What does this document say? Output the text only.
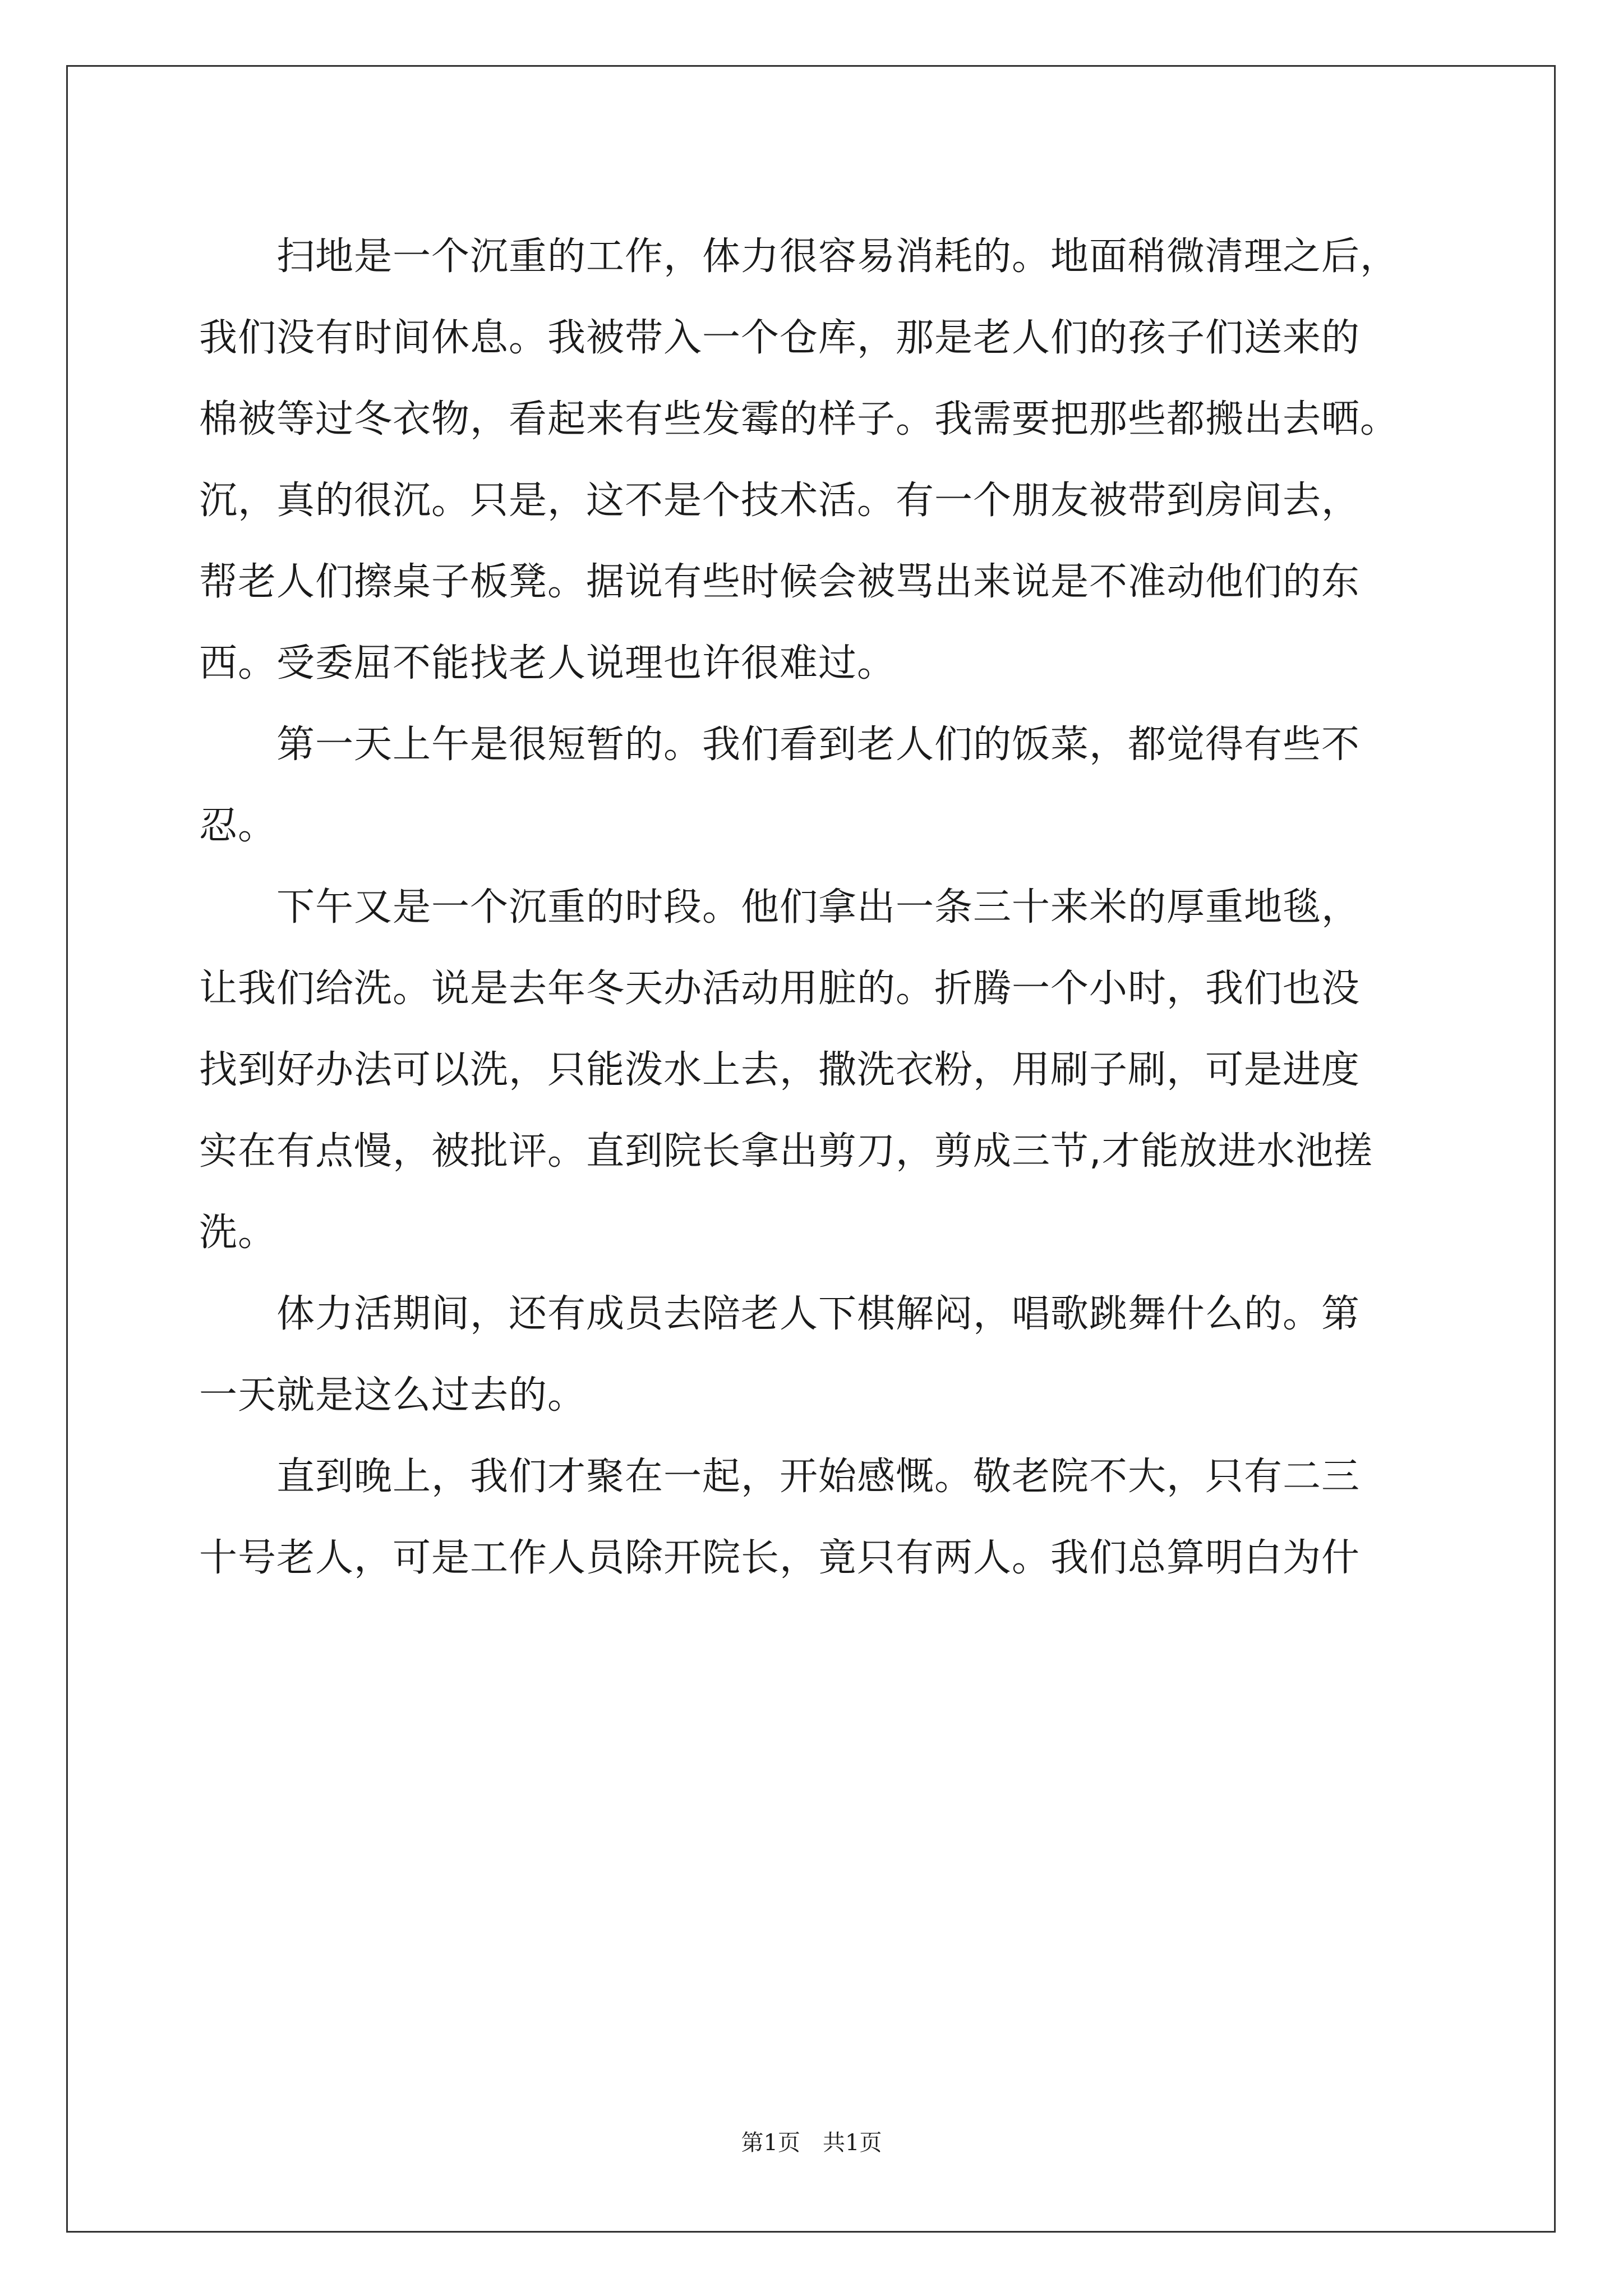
　　扫地是一个沉重的工作，体力很容易消耗的。地面稍微清理之后，
我们没有时间休息。我被带入一个仓库，那是老人们的孩子们送来的
棉被等过冬衣物，看起来有些发霉的样子。我需要把那些都搬出去晒。
沉，真的很沉。只是，这不是个技术活。有一个朋友被带到房间去，
帮老人们擦桌子板凳。据说有些时候会被骂出来说是不准动他们的东
西。受委屈不能找老人说理也许很难过。
　　第一天上午是很短暂的。我们看到老人们的饭菜，都觉得有些不
忍。
　　下午又是一个沉重的时段。他们拿出一条三十来米的厚重地毯，
让我们给洗。说是去年冬天办活动用脏的。折腾一个小时，我们也没
找到好办法可以洗，只能泼水上去，撒洗衣粉，用刷子刷，可是进度
实在有点慢，被批评。直到院长拿出剪刀，剪成三节,才能放进水池搓
洗。
　　体力活期间，还有成员去陪老人下棋解闷，唱歌跳舞什么的。第
一天就是这么过去的。
　　直到晚上，我们才聚在一起，开始感慨。敬老院不大，只有二三
十号老人，可是工作人员除开院长，竟只有两人。我们总算明白为什
第1页　共1页
